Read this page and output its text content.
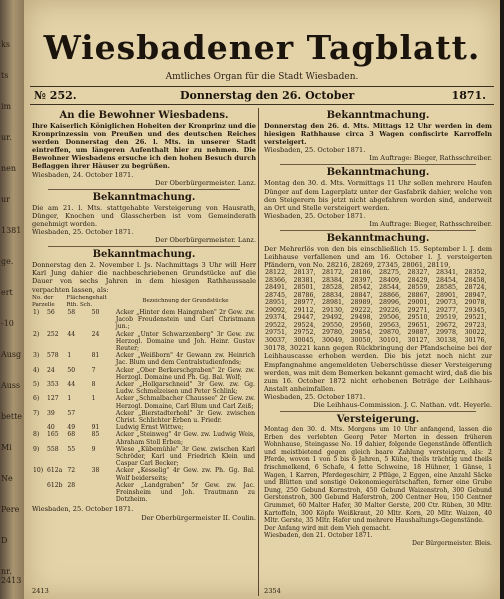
ks
ts
im
ur.
nen
ur
1381
ge.
ert
-10
Ausg
Auss
bette
Mi
Ne
Pere
D
nr. 2413
Wiesbadener Tagblatt.
Amtliches Organ für die Stadt Wiesbaden.
№ 252.	Donnerstag den 26. October	1871.
An die Bewohner Wiesbadens.

Ihre Kaiserlich Königlichen Hoheiten der Kronprinz und die Kronprinzessin von Preußen und des deutschen Reiches werden Donnerstag den 26. l. Mts. in unserer Stadt eintreffen, um längeren Aufenthalt hier zu nehmen. Die Bewohner Wiesbadens ersuche ich den hohen Besuch durch Beflaggen ihrer Häuser zu begrüßen.

Wiesbaden, 24. October 1871.

Der Oberbürgermeister. Lanz.

Bekanntmachung.

Die am 21. l. Mts. stattgehabte Versteigerung von Hausrath, Dünger, Knochen und Glasscherben ist vom Gemeinderath genehmigt worden.

Wiesbaden, 25. October 1871.

Der Oberbürgermeister. Lanz.

Bekanntmachung.

Donnerstag den 2. November l. Js. Nachmittags 3 Uhr will Herr Karl Jung dahier die nachbeschriebenen Grundstücke auf die Dauer von sechs Jahren in dem hiesigen Rathhaussaale verpachten lassen, als:

No. der Parzelle		Flächengehalt Rth. Sch.		Bezeichnung der Grundstücke
1)	56	58	50	Acker „Hinter dem Haingraben" 2r Gew. zw. Jacob Freudenstein und Carl Christmann jun.;
2)	252	44	24	Acker „Unter Schwarzenberg" 3r Gew. zw. Herzogl. Domaine und Joh. Heinr. Gustav Reuter;
3)	578	1	81	Acker „Weißborn" 4r Gewann zw. Heinrich Jac. Blum und dem Centralstudienfonds;
4)	24	50	7	Acker „Ober Berkerschgraben" 2r Gew. zw. Herzogl. Domaine und Ph. Gg. Bal. Wolf;
5)	353	44	8	Acker „Hollgarschneid" 3r Gew. zw. Gg. Ludw. Schmelzeisen und Peter Schlink;
6)	127	1	1	Acker „Schmalbacher Chaussee" 2r Gew. zw. Herzogl. Domaine, Carl Blum und Carl Zeiß;
7)	39	57		Acker „Bierstadterhohl" 3r Gew. zwischen Christ. Schlichter Erben u. Friedr.
	40	49	91	Ludwig Ernst Wittwe;
8)	165	68	85	Acker „Steinweg" 4r Gew. zw. Ludwig Weis, Abraham Stoll Erben;
9)	558	55	9	Wiese „Kübemühle" 3r Gew. zwischen Karl Schröder, Karl und Friedrich Klein und Caspar Carl Becker;
10)	612a	72	38	Acker „Kesselig" 4r Gew. zw. Ph. Gg. Bal. Wolf beiderseits;
	612b	28		Acker „Landgraben" 5r Gew. zw. Jac. Freinsheim und Joh. Trautmann zu Dotzheim.

Wiesbaden, 25. October 1871.

Der Oberbürgermeister II. Coulin.

2413
Bekanntmachung.

Donnerstag den 26. d. Mts. Mittags 12 Uhr werden in dem hiesigen Rathhause circa 3 Wagen confiscirte Karroffeln versteigert.

Wiesbaden, 25. October 1871.

Im Auftrage: Bieger, Rathsschreiber.

Bekanntmachung.

Montag den 30. d. Mts. Vormittags 11 Uhr sollen mehrere Haufen Dünger auf dem Lagerplatz unter der Gasfabrik dahier, welche von den Steigerern bis jetzt nicht abgefahren worden sind, anderweit an Ort und Stelle versteigert werden.

Wiesbaden, 25. October 1871.

Im Auftrage: Bieger, Rathsschreiber.

Bekanntmachung.

Der Mehrerlös von den bis einschließlich 15. September l. J. dem Leihhause verfallenen und am 16. October l. J. versteigerten Pfändern, von No. 28216, 28269, 27345, 28061, 28119,

28122,	28137,	28172,	28186,	28275,	28327,	28341,	28352,
28366,	28381,	28384,	28397,	28409,	28429,	28454,	28458,
28491,	28501,	28528,	28542,	28544,	28559,	28585,	28724,
28745,	28786,	28834,	28847,	28866,	28867,	28901,	28947,
28951,	28977,	28981,	28989,	28996,	29001,	29073,	29078,
29092,	29112,	29130,	29222,	29226,	29271,	29277,	29345,
29374,	29447,	29492,	29498,	29506,	29510,	29519,	29521,
29522,	29524,	29550,	29560,	29563,	29651,	29672,	29723,
29751,	29752,	29780,	29854,	29870,	29887,	29978,	30022,
30037,	30045,	30049,	30050,	30101,	30127,	30138,	30176,

30178, 30221 kann gegen Rückbringung der Pfandscheine bei der Leihhauscasse erhoben werden. Die bis jetzt noch nicht zur Empfangnahme angemeldeten Ueberschüsse dieser Versteigerung werden, was mit dem Bemerken bekannt gemacht wird, daß die bis zum 16. October 1872 nicht erhobenen Beträge der Leihhaus-Anstalt anheimfallen.

Wiesbaden, 25. October 1871.

Die Leihhaus-Commission. J. C. Nathan. vdt. Heyerle.

Versteigerung.

Montag den 30. d. Mts. Morgens um 10 Uhr anfangend, lassen die Erben des verlebten Georg Peter Merten in dessen früheren Wohnhause, Steingasse No. 19 dahier, folgende Gegenstände öffentlich und meistbietend gegen gleich baare Zahlung versteigern, als: 2 Pferde, wovon 1 von 5 bis 6 Jahren, 5 Kühe, theils trächtig und theils frischmelkend, 6 Schafe, 4 fette Schweine, 18 Hühner, 1 Gänse, 1 Wagen, 1 Karren, Pferdegeschirr, 2 Pflüge, 2 Eggen, eine Anzahl Säcke und Blütten und sonstige Oekonomiegerätschaften, ferner eine Grube Dung, 250 Gebund Kornstroh, 450 Gebund Waizenstroh, 300 Gebund Gerstenstroh, 300 Gebund Haferstroh, 200 Centner Heu, 150 Centner Grummet, 60 Malter Hafer, 30 Malter Gerste, 200 Ctr. Rüben, 30 Mltr. Kartoffeln, 300 Köpfe Weißkraut, 20 Mltr. Korn, 20 Mltr. Waizen, 40 Mltr. Gerste, 35 Mltr. Hafer und mehrere Haushaltungs-Gegenstände.

Der Anfang wird mit dem Vieh gemacht.

Wiesbaden, den 21. October 1871.

Der Bürgermeister. Bleis.

2354
